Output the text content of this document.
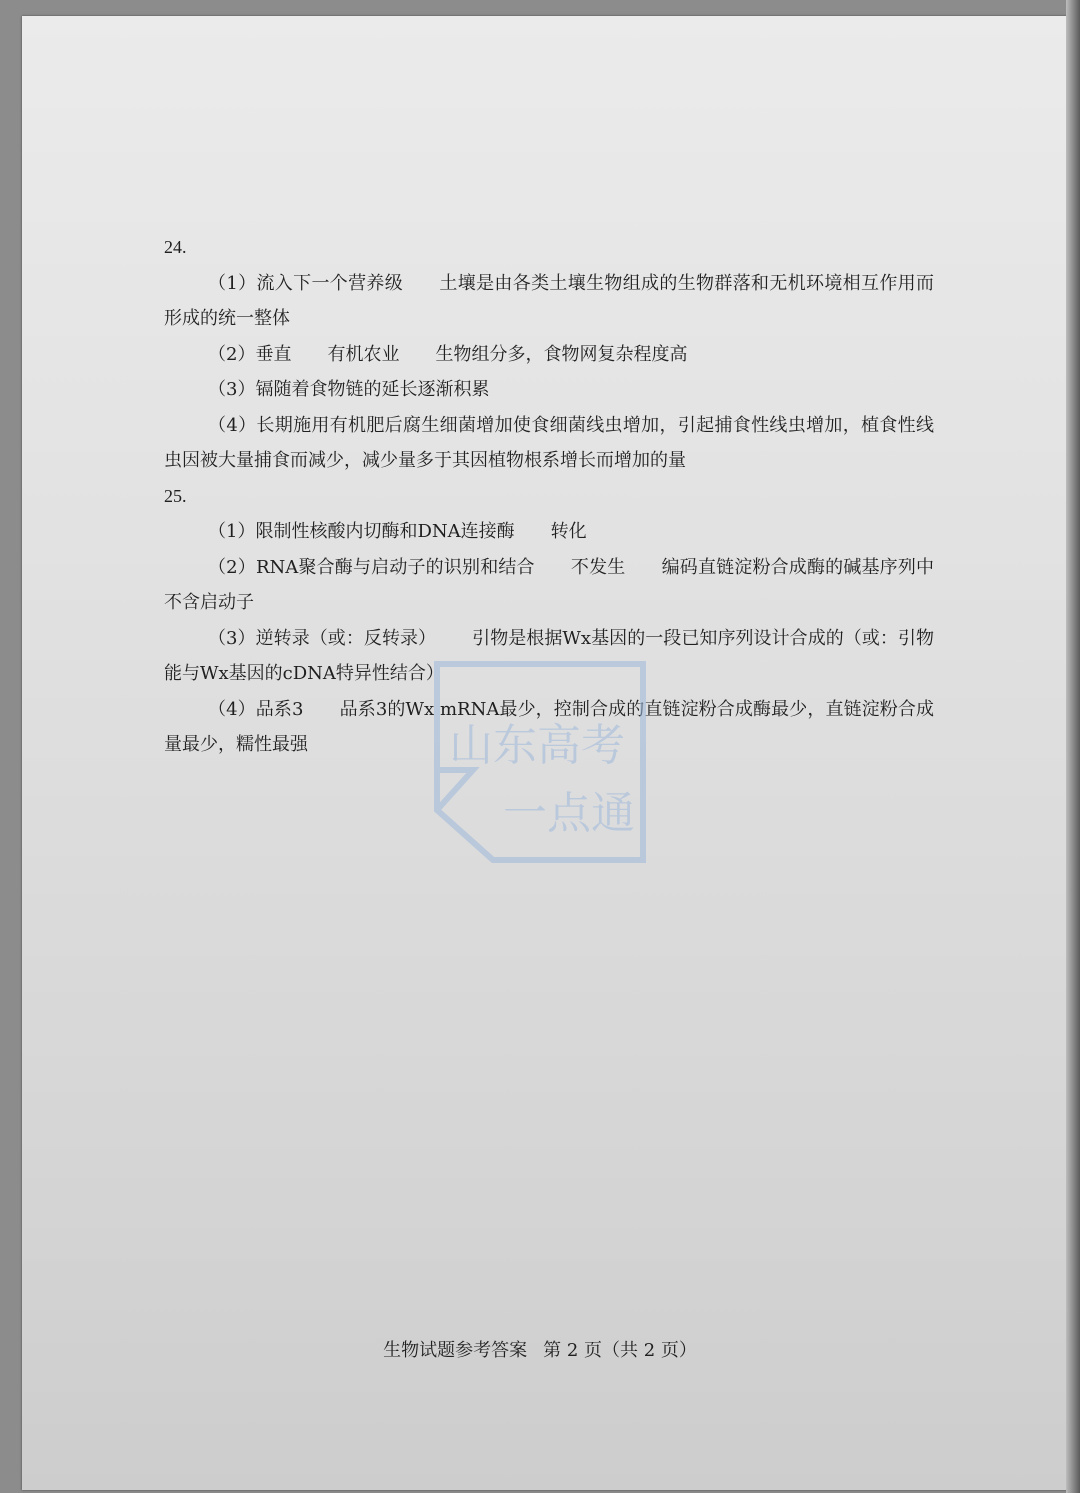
24.

（1）流入下一个营养级 土壤是由各类土壤生物组成的生物群落和无机环境相互作用而形成的统一整体

（2）垂直 有机农业 生物组分多，食物网复杂程度高

（3）镉随着食物链的延长逐渐积累

（4）长期施用有机肥后腐生细菌增加使食细菌线虫增加，引起捕食性线虫增加，植食性线虫因被大量捕食而减少，减少量多于其因植物根系增长而增加的量

25.

（1）限制性核酸内切酶和DNA连接酶 转化

（2）RNA聚合酶与启动子的识别和结合 不发生 编码直链淀粉合成酶的碱基序列中不含启动子

（3）逆转录（或：反转录） 引物是根据Wx基因的一段已知序列设计合成的（或：引物能与Wx基因的cDNA特异性结合）

（4）品系3 品系3的Wx mRNA最少，控制合成的直链淀粉合成酶最少，直链淀粉合成量最少，糯性最强	山东高考
一点通
生物试题参考答案 第 2 页（共 2 页）
